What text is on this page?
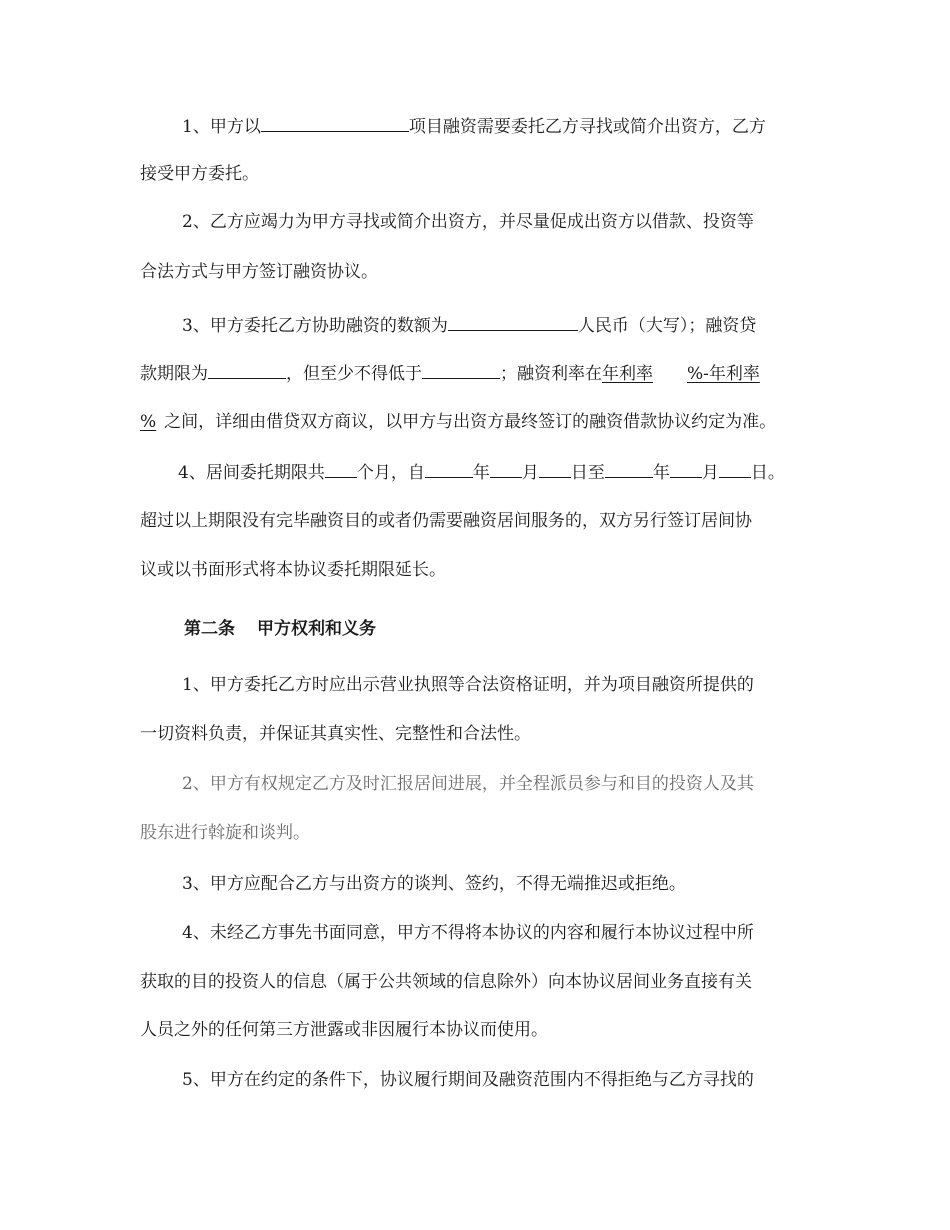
1、甲方以	项目融资需要委托乙方寻找或简介出资方，乙方
接受甲方委托。
2、乙方应竭力为甲方寻找或简介出资方，并尽量促成出资方以借款、投资等
合法方式与甲方签订融资协议。
3、甲方委托乙方协助融资的数额为	人民币（大写）；融资贷
款期限为	，但至少不得低于	；融资利率在年利率 %-年利率
% 之间，详细由借贷双方商议，以甲方与出资方最终签订的融资借款协议约定为准。
4、居间委托期限共 个月，自	年 月 日至	年 月 日。
超过以上期限没有完毕融资目的或者仍需要融资居间服务的，双方另行签订居间协
议或以书面形式将本协议委托期限延长。
第二条 甲方权利和义务
1、甲方委托乙方时应出示营业执照等合法资格证明，并为项目融资所提供的
一切资料负责，并保证其真实性、完整性和合法性。
2、甲方有权规定乙方及时汇报居间进展，并全程派员参与和目的投资人及其
股东进行斡旋和谈判。
3、甲方应配合乙方与出资方的谈判、签约，不得无端推迟或拒绝。
4、未经乙方事先书面同意，甲方不得将本协议的内容和履行本协议过程中所
获取的目的投资人的信息（属于公共领域的信息除外）向本协议居间业务直接有关
人员之外的任何第三方泄露或非因履行本协议而使用。
5、甲方在约定的条件下，协议履行期间及融资范围内不得拒绝与乙方寻找的
